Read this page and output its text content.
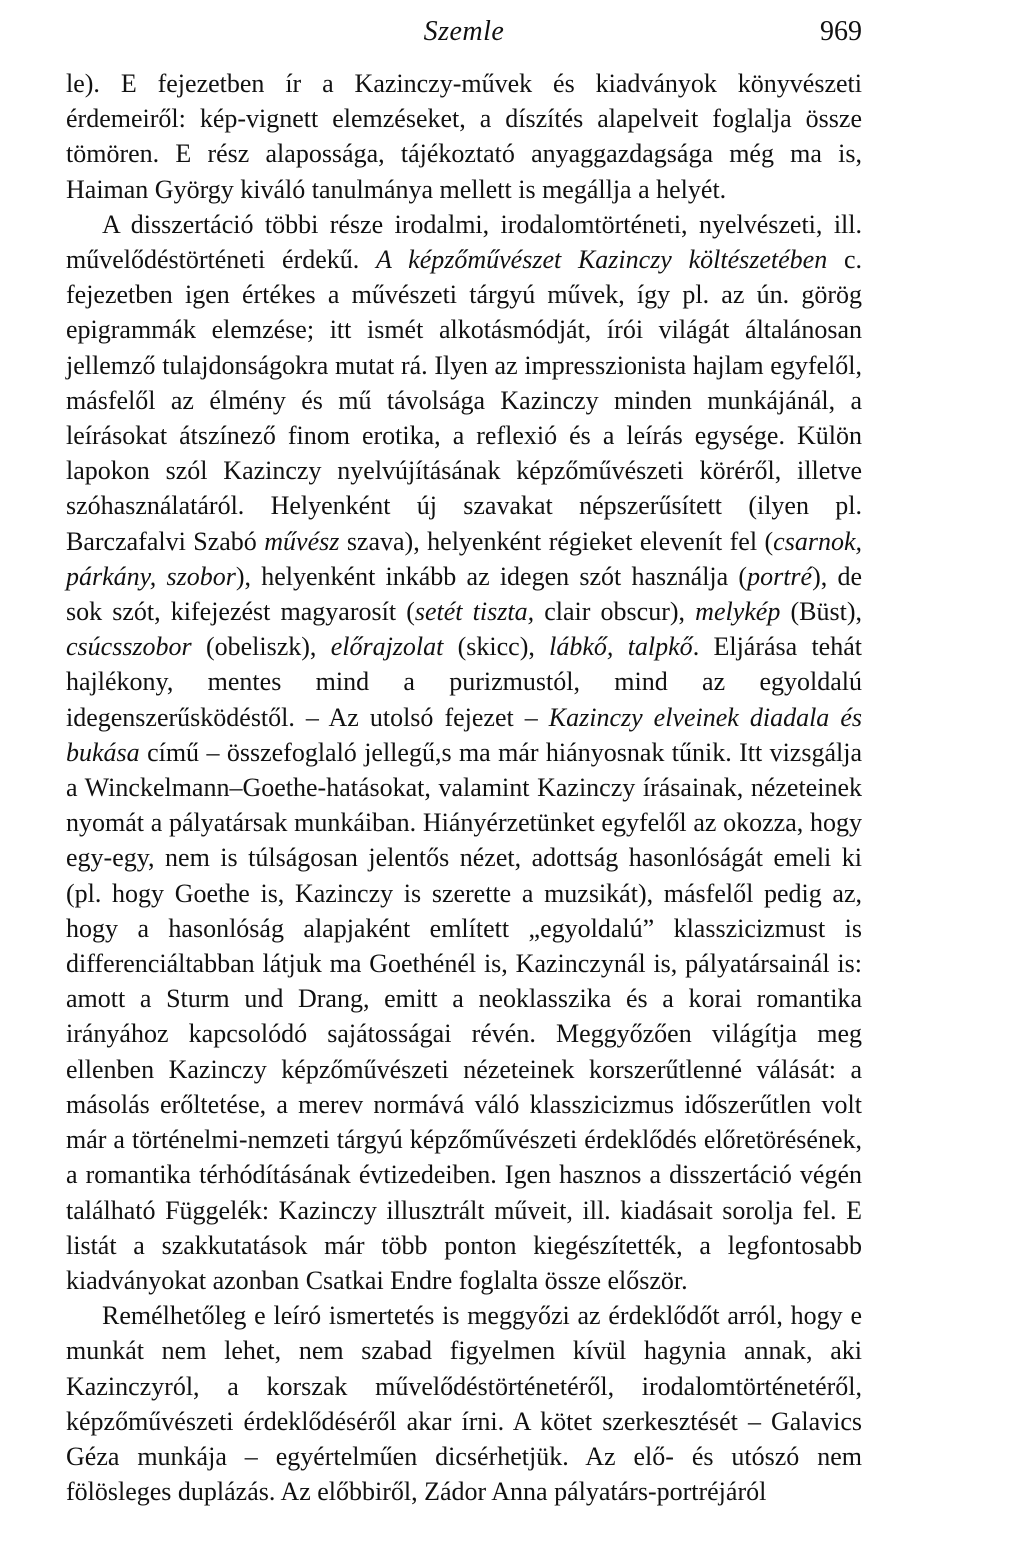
Szemle	969

le). E fejezetben ír a Kazinczy-művek és kiadványok könyvészeti érdemeiről: kép-vignett elemzéseket, a díszítés alapelveit foglalja össze tömören. E rész alapossága, tájékoztató anyaggazdagsága még ma is, Haiman György kiváló tanulmánya mellett is megállja a helyét.

A disszertáció többi része irodalmi, irodalomtörténeti, nyelvészeti, ill. művelődéstörténeti érdekű. A képzőművészet Kazinczy költészetében c. fejezetben igen értékes a művészeti tárgyú művek, így pl. az ún. görög epigrammák elemzése; itt ismét alkotásmódját, írói világát általánosan jellemző tulajdonságokra mutat rá. Ilyen az impresszionista hajlam egyfelől, másfelől az élmény és mű távolsága Kazinczy minden munkájánál, a leírásokat átszínező finom erotika, a reflexió és a leírás egysége. Külön lapokon szól Kazinczy nyelvújításának képzőművészeti köréről, illetve szóhasználatáról. Helyenként új szavakat népszerűsített (ilyen pl. Barczafalvi Szabó művész szava), helyenként régieket elevenít fel (csarnok, párkány, szobor), helyenként inkább az idegen szót használja (portré), de sok szót, kifejezést magyarosít (setét tiszta, clair obscur), melykép (Büst), csúcsszobor (obeliszk), előrajzolat (skicc), lábkő, talpkő. Eljárása tehát hajlékony, mentes mind a purizmustól, mind az egyoldalú idegenszerűsködéstől. – Az utolsó fejezet – Kazinczy elveinek diadala és bukása című – összefoglaló jellegű,s ma már hiányosnak tűnik. Itt vizsgálja a Winckelmann–Goethe-hatásokat, valamint Kazinczy írásainak, nézeteinek nyomát a pályatársak munkáiban. Hiányérzetünket egyfelől az okozza, hogy egy-egy, nem is túlságosan jelentős nézet, adottság hasonlóságát emeli ki (pl. hogy Goethe is, Kazinczy is szerette a muzsikát), másfelől pedig az, hogy a hasonlóság alapjaként említett „egyoldalú” klasszicizmust is differenciáltabban látjuk ma Goethénél is, Kazinczynál is, pályatársainál is: amott a Sturm und Drang, emitt a neoklasszika és a korai romantika irányához kapcsolódó sajátosságai révén. Meggyőzően világítja meg ellenben Kazinczy képzőművészeti nézeteinek korszerűtlenné válását: a másolás erőltetése, a merev normává váló klasszicizmus időszerűtlen volt már a történelmi-nemzeti tárgyú képzőművészeti érdeklődés előretörésének, a romantika térhódításának évtizedeiben. Igen hasznos a disszertáció végén található Függelék: Kazinczy illusztrált műveit, ill. kiadásait sorolja fel. E listát a szakkutatások már több ponton kiegészítették, a legfontosabb kiadványokat azonban Csatkai Endre foglalta össze először.

Remélhetőleg e leíró ismertetés is meggyőzi az érdeklődőt arról, hogy e munkát nem lehet, nem szabad figyelmen kívül hagynia annak, aki Kazinczyról, a korszak művelődéstörténetéről, irodalomtörténetéről, képzőművészeti érdeklődéséről akar írni. A kötet szerkesztését – Galavics Géza munkája – egyértelműen dicsérhetjük. Az elő- és utószó nem fölösleges duplázás. Az előbbiről, Zádor Anna pályatárs-portréjáról
